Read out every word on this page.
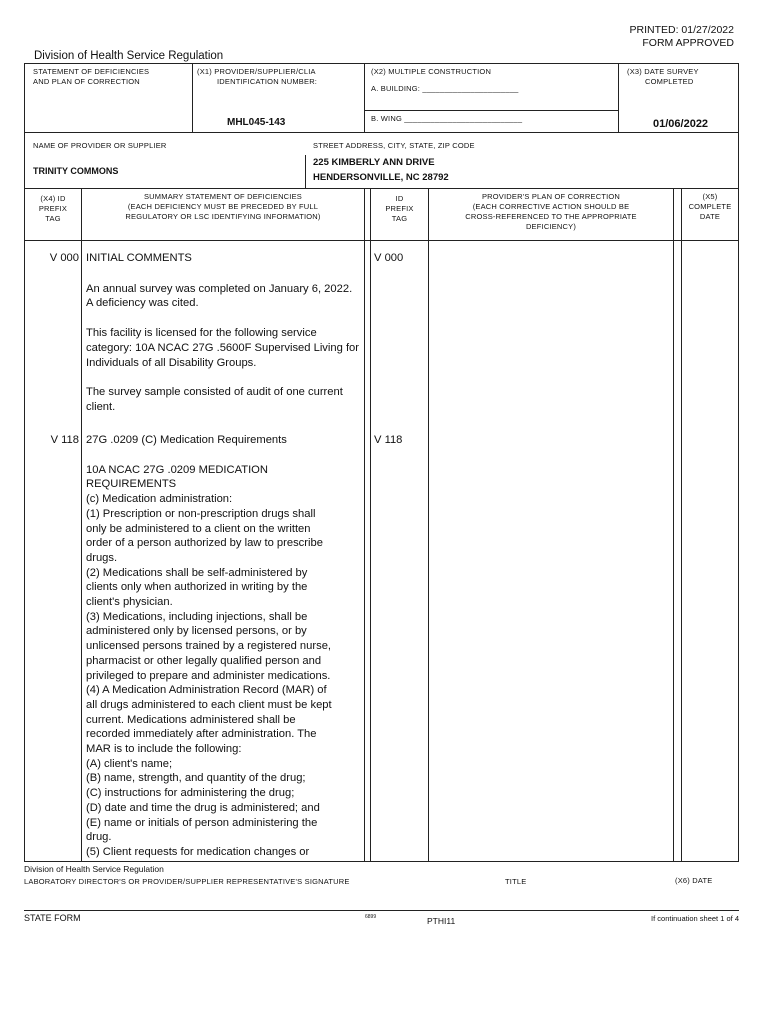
PRINTED: 01/27/2022
FORM APPROVED
Division of Health Service Regulation
STATEMENT OF DEFICIENCIES
AND PLAN OF CORRECTION
(X1) PROVIDER/SUPPLIER/CLIA
IDENTIFICATION NUMBER:
MHL045-143
(X2) MULTIPLE CONSTRUCTION
A. BUILDING: ______________________
B. WING ___________________________
(X3) DATE SURVEY
COMPLETED
01/06/2022
NAME OF PROVIDER OR SUPPLIER
TRINITY COMMONS
STREET ADDRESS, CITY, STATE, ZIP CODE
225 KIMBERLY ANN DRIVE
HENDERSONVILLE, NC 28792
(X4) ID
PREFIX
TAG
SUMMARY STATEMENT OF DEFICIENCIES
(EACH DEFICIENCY MUST BE PRECEDED BY FULL
REGULATORY OR LSC IDENTIFYING INFORMATION)
ID
PREFIX
TAG
PROVIDER'S PLAN OF CORRECTION
(EACH CORRECTIVE ACTION SHOULD BE
CROSS-REFERENCED TO THE APPROPRIATE
DEFICIENCY)
(X5)
COMPLETE
DATE
V 000	V 000

INITIAL COMMENTS

An annual survey was completed on January 6, 2022. A deficiency was cited.

This facility is licensed for the following service category: 10A NCAC 27G .5600F Supervised Living for Individuals of all Disability Groups.

The survey sample consisted of audit of one current client.

V 118	V 118

27G .0209 (C) Medication Requirements

10A NCAC 27G .0209 MEDICATION

REQUIREMENTS

(c) Medication administration:

(1) Prescription or non-prescription drugs shall

only be administered to a client on the written

order of a person authorized by law to prescribe

drugs.

(2) Medications shall be self-administered by

clients only when authorized in writing by the

client's physician.

(3) Medications, including injections, shall be

administered only by licensed persons, or by

unlicensed persons trained by a registered nurse,

pharmacist or other legally qualified person and

privileged to prepare and administer medications.

(4) A Medication Administration Record (MAR) of

all drugs administered to each client must be kept

current. Medications administered shall be

recorded immediately after administration. The

MAR is to include the following:

(A) client's name;

(B) name, strength, and quantity of the drug;

(C) instructions for administering the drug;

(D) date and time the drug is administered; and

(E) name or initials of person administering the

drug.

(5) Client requests for medication changes or

Division of Health Service Regulation
LABORATORY DIRECTOR'S OR PROVIDER/SUPPLIER REPRESENTATIVE'S SIGNATURE	TITLE	(X6) DATE
STATE FORM	6899	PTHI11	If continuation sheet 1 of 4
